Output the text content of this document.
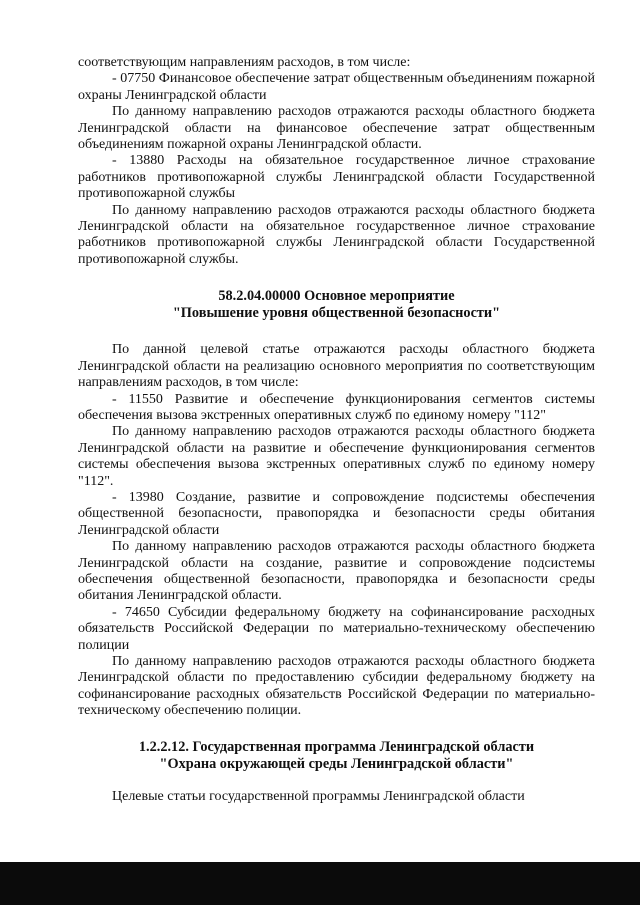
соответствующим направлениям расходов, в том числе:

- 07750 Финансовое обеспечение затрат общественным объединениям пожарной охраны Ленинградской области

По данному направлению расходов отражаются расходы областного бюджета Ленинградской области на финансовое обеспечение затрат общественным объединениям пожарной охраны Ленинградской области.

- 13880 Расходы на обязательное государственное личное страхование работников противопожарной службы Ленинградской области Государственной противопожарной службы

По данному направлению расходов отражаются расходы областного бюджета Ленинградской области на обязательное государственное личное страхование работников противопожарной службы Ленинградской области Государственной противопожарной службы.

58.2.04.00000 Основное мероприятие
"Повышение уровня общественной безопасности"

По данной целевой статье отражаются расходы областного бюджета Ленинградской области на реализацию основного мероприятия по соответствующим направлениям расходов, в том числе:

- 11550 Развитие и обеспечение функционирования сегментов системы обеспечения вызова экстренных оперативных служб по единому номеру "112"

По данному направлению расходов отражаются расходы областного бюджета Ленинградской области на развитие и обеспечение функционирования сегментов системы обеспечения вызова экстренных оперативных служб по единому номеру "112".

- 13980 Создание, развитие и сопровождение подсистемы обеспечения общественной безопасности, правопорядка и безопасности среды обитания Ленинградской области

По данному направлению расходов отражаются расходы областного бюджета Ленинградской области на создание, развитие и сопровождение подсистемы обеспечения общественной безопасности, правопорядка и безопасности среды обитания Ленинградской области.

- 74650 Субсидии федеральному бюджету на софинансирование расходных обязательств Российской Федерации по материально-техническому обеспечению полиции

По данному направлению расходов отражаются расходы областного бюджета Ленинградской области по предоставлению субсидии федеральному бюджету на софинансирование расходных обязательств Российской Федерации по материально-техническому обеспечению полиции.

1.2.2.12. Государственная программа Ленинградской области
"Охрана окружающей среды Ленинградской области"

Целевые статьи государственной программы Ленинградской области
